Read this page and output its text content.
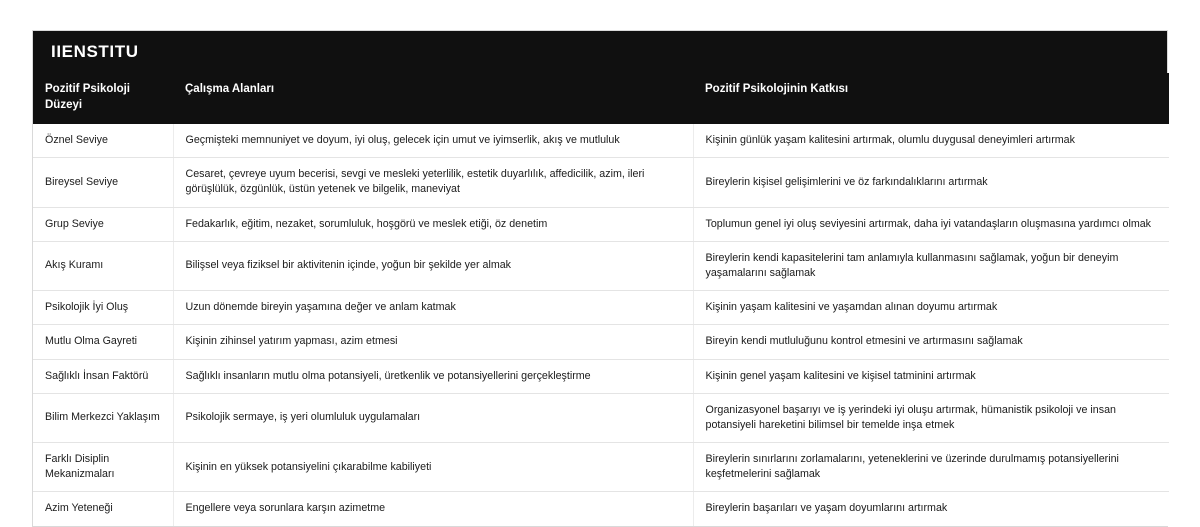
IIENSTITU
Pozitif Psikoloji Düzeyi	Çalışma Alanları	Pozitif Psikolojinin Katkısı
Öznel Seviye	Geçmişteki memnuniyet ve doyum, iyi oluş, gelecek için umut ve iyimserlik, akış ve mutluluk	Kişinin günlük yaşam kalitesini artırmak, olumlu duygusal deneyimleri artırmak
Bireysel Seviye	Cesaret, çevreye uyum becerisi, sevgi ve mesleki yeterlilik, estetik duyarlılık, affedicilik, azim, ileri görüşlülük, özgünlük, üstün yetenek ve bilgelik, maneviyat	Bireylerin kişisel gelişimlerini ve öz farkındalıklarını artırmak
Grup Seviye	Fedakarlık, eğitim, nezaket, sorumluluk, hoşgörü ve meslek etiği, öz denetim	Toplumun genel iyi oluş seviyesini artırmak, daha iyi vatandaşların oluşmasına yardımcı olmak
Akış Kuramı	Bilişsel veya fiziksel bir aktivitenin içinde, yoğun bir şekilde yer almak	Bireylerin kendi kapasitelerini tam anlamıyla kullanmasını sağlamak, yoğun bir deneyim yaşamalarını sağlamak
Psikolojik İyi Oluş	Uzun dönemde bireyin yaşamına değer ve anlam katmak	Kişinin yaşam kalitesini ve yaşamdan alınan doyumu artırmak
Mutlu Olma Gayreti	Kişinin zihinsel yatırım yapması, azim etmesi	Bireyin kendi mutluluğunu kontrol etmesini ve artırmasını sağlamak
Sağlıklı İnsan Faktörü	Sağlıklı insanların mutlu olma potansiyeli, üretkenlik ve potansiyellerini gerçekleştirme	Kişinin genel yaşam kalitesini ve kişisel tatminini artırmak
Bilim Merkezci Yaklaşım	Psikolojik sermaye, iş yeri olumluluk uygulamaları	Organizasyonel başarıyı ve iş yerindeki iyi oluşu artırmak, hümanistik psikoloji ve insan potansiyeli hareketini bilimsel bir temelde inşa etmek
Farklı Disiplin Mekanizmaları	Kişinin en yüksek potansiyelini çıkarabilme kabiliyeti	Bireylerin sınırlarını zorlamalarını, yeteneklerini ve üzerinde durulmamış potansiyellerini keşfetmelerini sağlamak
Azim Yeteneği	Engellere veya sorunlara karşın azimetme	Bireylerin başarıları ve yaşam doyumlarını artırmak
